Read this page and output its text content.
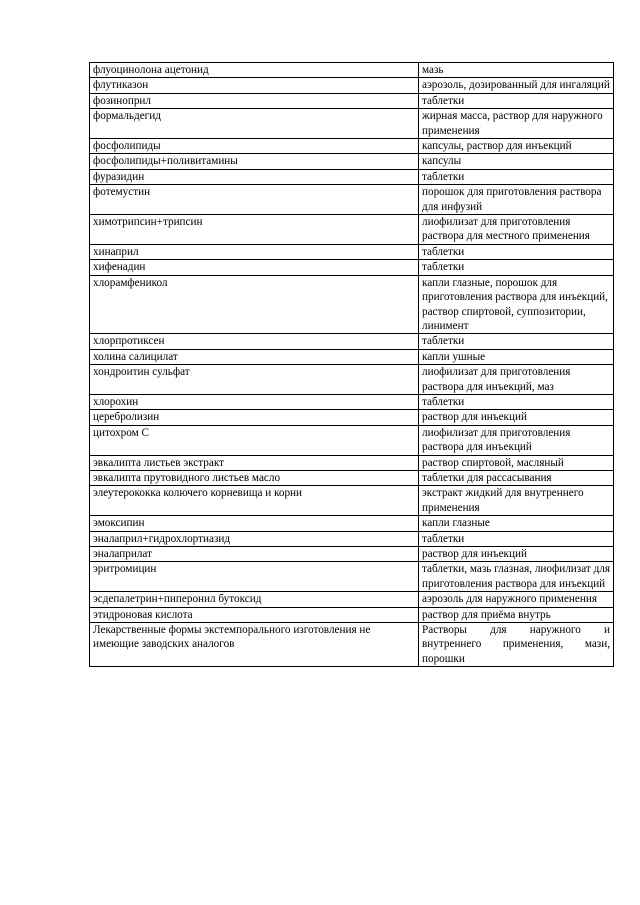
флуоцинолона ацетонид	мазь
флутиказон	аэрозоль, дозированный для ингаляций
фозиноприл	таблетки
формальдегид	жирная масса, раствор для наружного применения
фосфолипиды	капсулы, раствор для инъекций
фосфолипиды+поливитамины	капсулы
фуразидин	таблетки
фотемустин	порошок для приготовления раствора для инфузий
химотрипсин+трипсин	лиофилизат для приготовления раствора для местного применения
хинаприл	таблетки
хифенадин	таблетки
хлорамфеникол	капли глазные, порошок для приготовления раствора для инъекций, раствор спиртовой, суппозитории, линимент
хлорпротиксен	таблетки
холина салицилат	капли ушные
хондроитин сульфат	лиофилизат для приготовления раствора для инъекций, маз
хлорохин	таблетки
церебролизин	раствор для инъекций
цитохром С	лиофилизат для приготовления раствора для инъекций
эвкалипта листьев экстракт	раствор спиртовой, масляный
эвкалипта прутовидного листьев масло	таблетки для рассасывания
элеутерококка колючего корневища и корни	экстракт жидкий для внутреннего применения
эмоксипин	капли глазные
эналаприл+гидрохлортиазид	таблетки
эналаприлат	раствор для инъекций
эритромицин	таблетки, мазь глазная, лиофилизат для приготовления раствора для инъекций
эсдепалетрин+пиперонил бутоксид	аэрозоль для наружного применения
этидроновая кислота	раствор для приёма внутрь
Лекарственные формы экстемпорального изготовления не имеющие заводских аналогов	Растворы для наружного и внутреннего применения, мази, порошки
